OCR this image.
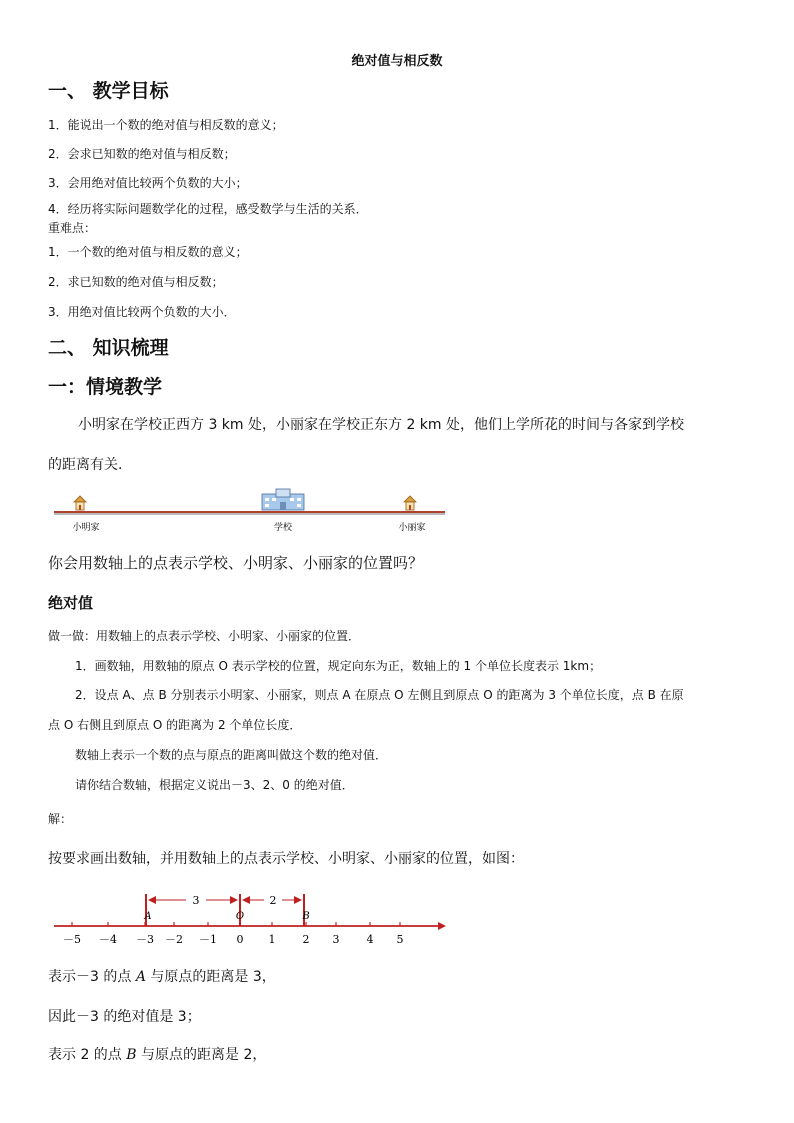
绝对值与相反数
一、 教学目标
1．能说出一个数的绝对值与相反数的意义；
2．会求已知数的绝对值与相反数；
3．会用绝对值比较两个负数的大小；
4．经历将实际问题数学化的过程，感受数学与生活的关系．
重难点：
1．一个数的绝对值与相反数的意义；
2．求已知数的绝对值与相反数；
3．用绝对值比较两个负数的大小．
二、 知识梳理
一：情境教学
小明家在学校正西方 3 km 处，小丽家在学校正东方 2 km 处，他们上学所花的时间与各家到学校
的距离有关.
小明家	学校	小丽家
你会用数轴上的点表示学校、小明家、小丽家的位置吗？
绝对值
做一做：用数轴上的点表示学校、小明家、小丽家的位置．
1．画数轴，用数轴的原点 O 表示学校的位置，规定向东为正，数轴上的 1 个单位长度表示 1km；
2．设点 A、点 B 分别表示小明家、小丽家，则点 A 在原点 O 左侧且到原点 O 的距离为 3 个单位长度，点 B 在原
点 O 右侧且到原点 O 的距离为 2 个单位长度．
数轴上表示一个数的点与原点的距离叫做这个数的绝对值．
请你结合数轴，根据定义说出－3、2、0 的绝对值．
解：
按要求画出数轴，并用数轴上的点表示学校、小明家、小丽家的位置，如图：
－5 －4 －3 －2 －1 0 1 2 3 4 5
3	2
A	O	B
表示－3 的点 A 与原点的距离是 3，
因此－3 的绝对值是 3；
表示 2 的点 B 与原点的距离是 2，
